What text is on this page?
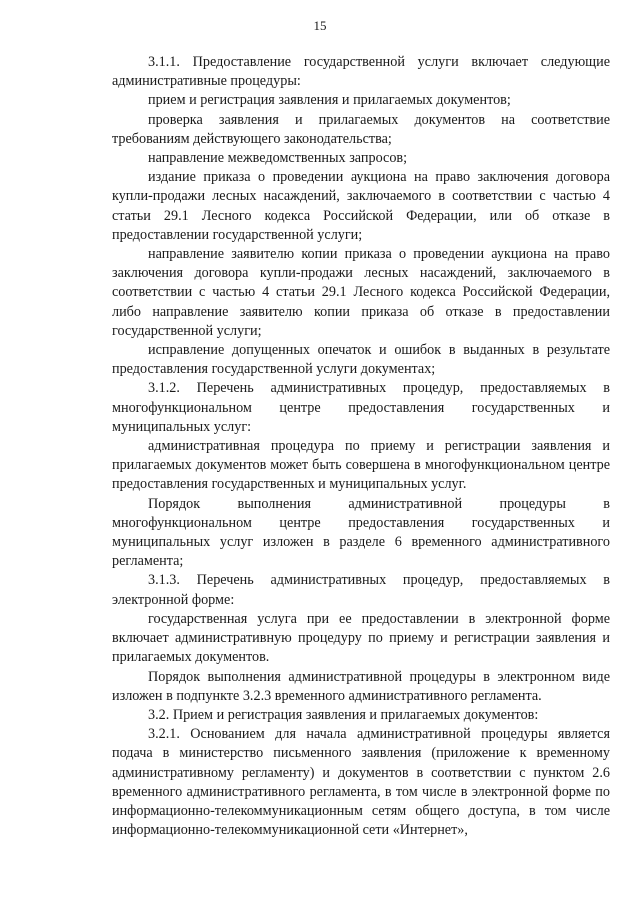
15

3.1.1. Предоставление государственной услуги включает следующие административные процедуры:

прием и регистрация заявления и прилагаемых документов;

проверка заявления и прилагаемых документов на соответствие требованиям действующего законодательства;

направление межведомственных запросов;

издание приказа о проведении аукциона на право заключения договора купли-продажи лесных насаждений, заключаемого в соответствии с частью 4 статьи 29.1 Лесного кодекса Российской Федерации, или об отказе в предоставлении государственной услуги;

направление заявителю копии приказа о проведении аукциона на право заключения договора купли-продажи лесных насаждений, заключаемого в соответствии с частью 4 статьи 29.1 Лесного кодекса Российской Федерации, либо направление заявителю копии приказа об отказе в предоставлении государственной услуги;

исправление допущенных опечаток и ошибок в выданных в результате предоставления государственной услуги документах;

3.1.2. Перечень административных процедур, предоставляемых в многофункциональном центре предоставления государственных и муниципальных услуг:

административная процедура по приему и регистрации заявления и прилагаемых документов может быть совершена в многофункциональном центре предоставления государственных и муниципальных услуг.

Порядок выполнения административной процедуры в многофункциональном центре предоставления государственных и муниципальных услуг изложен в разделе 6 временного административного регламента;

3.1.3. Перечень административных процедур, предоставляемых в электронной форме:

государственная услуга при ее предоставлении в электронной форме включает административную процедуру по приему и регистрации заявления и прилагаемых документов.

Порядок выполнения административной процедуры в электронном виде изложен в подпункте 3.2.3 временного административного регламента.

3.2. Прием и регистрация заявления и прилагаемых документов:

3.2.1. Основанием для начала административной процедуры является подача в министерство письменного заявления (приложение к временному административному регламенту) и документов в соответствии с пунктом 2.6 временного административного регламента, в том числе в электронной форме по информационно-телекоммуникационным сетям общего доступа, в том числе информационно-телекоммуникационной сети «Интернет»,
